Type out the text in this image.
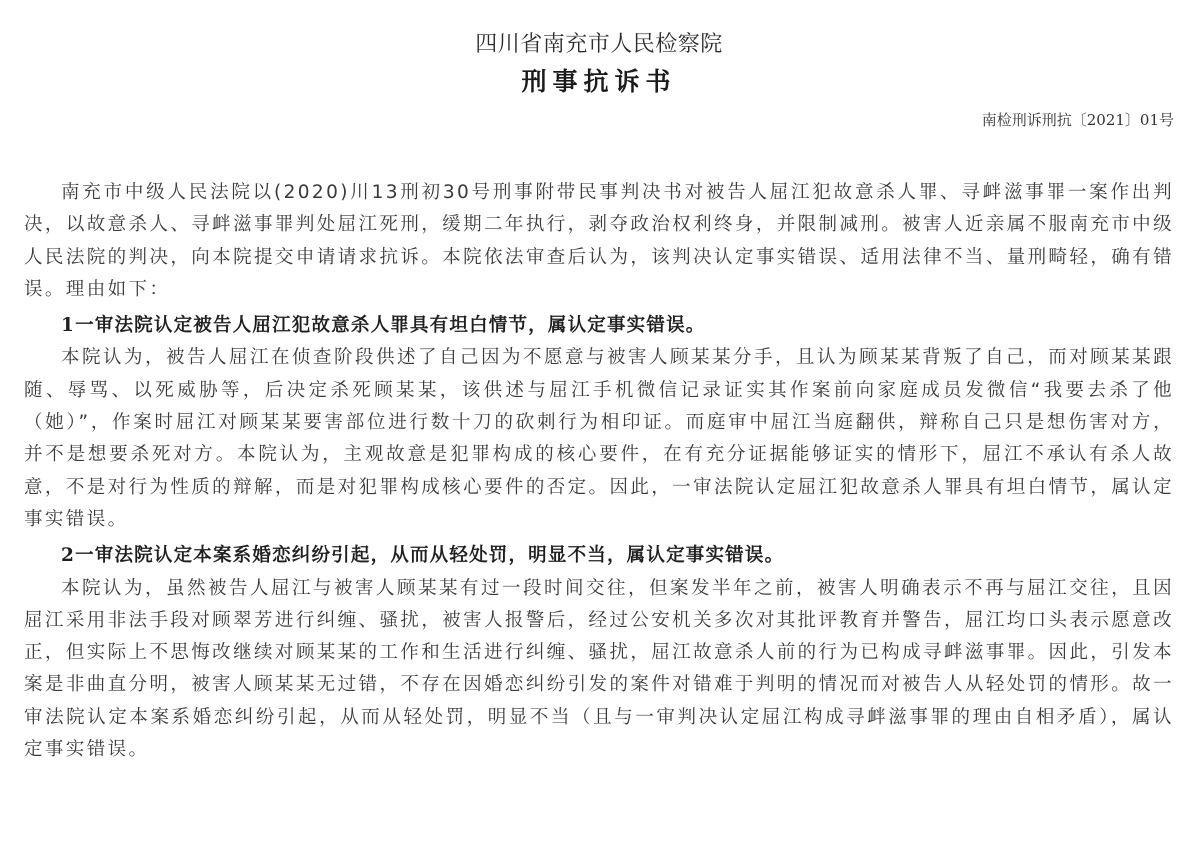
四川省南充市人民检察院
刑事抗诉书
南检刑诉刑抗〔2021〕01号

南充市中级人民法院以(2020)川13刑初30号刑事附带民事判决书对被告人屈江犯故意杀人罪、寻衅滋事罪一案作出判决，以故意杀人、寻衅滋事罪判处屈江死刑，缓期二年执行，剥夺政治权利终身，并限制减刑。被害人近亲属不服南充市中级人民法院的判决，向本院提交申请请求抗诉。本院依法审查后认为，该判决认定事实错误、适用法律不当、量刑畸轻，确有错误。理由如下：

1一审法院认定被告人屈江犯故意杀人罪具有坦白情节，属认定事实错误。

本院认为，被告人屈江在侦查阶段供述了自己因为不愿意与被害人顾某某分手，且认为顾某某背叛了自己，而对顾某某跟随、辱骂、以死威胁等，后决定杀死顾某某，该供述与屈江手机微信记录证实其作案前向家庭成员发微信“我要去杀了他（她）”，作案时屈江对顾某某要害部位进行数十刀的砍刺行为相印证。而庭审中屈江当庭翻供，辩称自己只是想伤害对方，并不是想要杀死对方。本院认为，主观故意是犯罪构成的核心要件，在有充分证据能够证实的情形下，屈江不承认有杀人故意，不是对行为性质的辩解，而是对犯罪构成核心要件的否定。因此，一审法院认定屈江犯故意杀人罪具有坦白情节，属认定事实错误。

2一审法院认定本案系婚恋纠纷引起，从而从轻处罚，明显不当，属认定事实错误。

本院认为，虽然被告人屈江与被害人顾某某有过一段时间交往，但案发半年之前，被害人明确表示不再与屈江交往，且因屈江采用非法手段对顾翠芳进行纠缠、骚扰，被害人报警后，经过公安机关多次对其批评教育并警告，屈江均口头表示愿意改正，但实际上不思悔改继续对顾某某的工作和生活进行纠缠、骚扰，屈江故意杀人前的行为已构成寻衅滋事罪。因此，引发本案是非曲直分明，被害人顾某某无过错，不存在因婚恋纠纷引发的案件对错难于判明的情况而对被告人从轻处罚的情形。故一审法院认定本案系婚恋纠纷引起，从而从轻处罚，明显不当（且与一审判决认定屈江构成寻衅滋事罪的理由自相矛盾），属认定事实错误。
